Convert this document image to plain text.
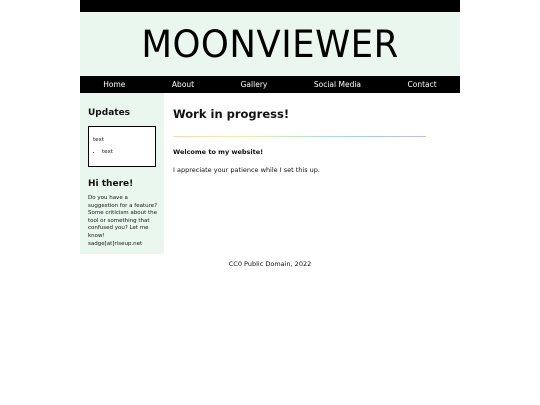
MOONVIEWER
Home	About	Gallery	Social Media	Contact
Updates
text
• text
Hi there!

Do you have a suggestion for a feature? Some criticism about the tool or something that confused you? Let me know! sadge[at]riseup.net

Work in progress!

Welcome to my website!

I appreciate your patience while I set this up.

CC0 Public Domain, 2022
